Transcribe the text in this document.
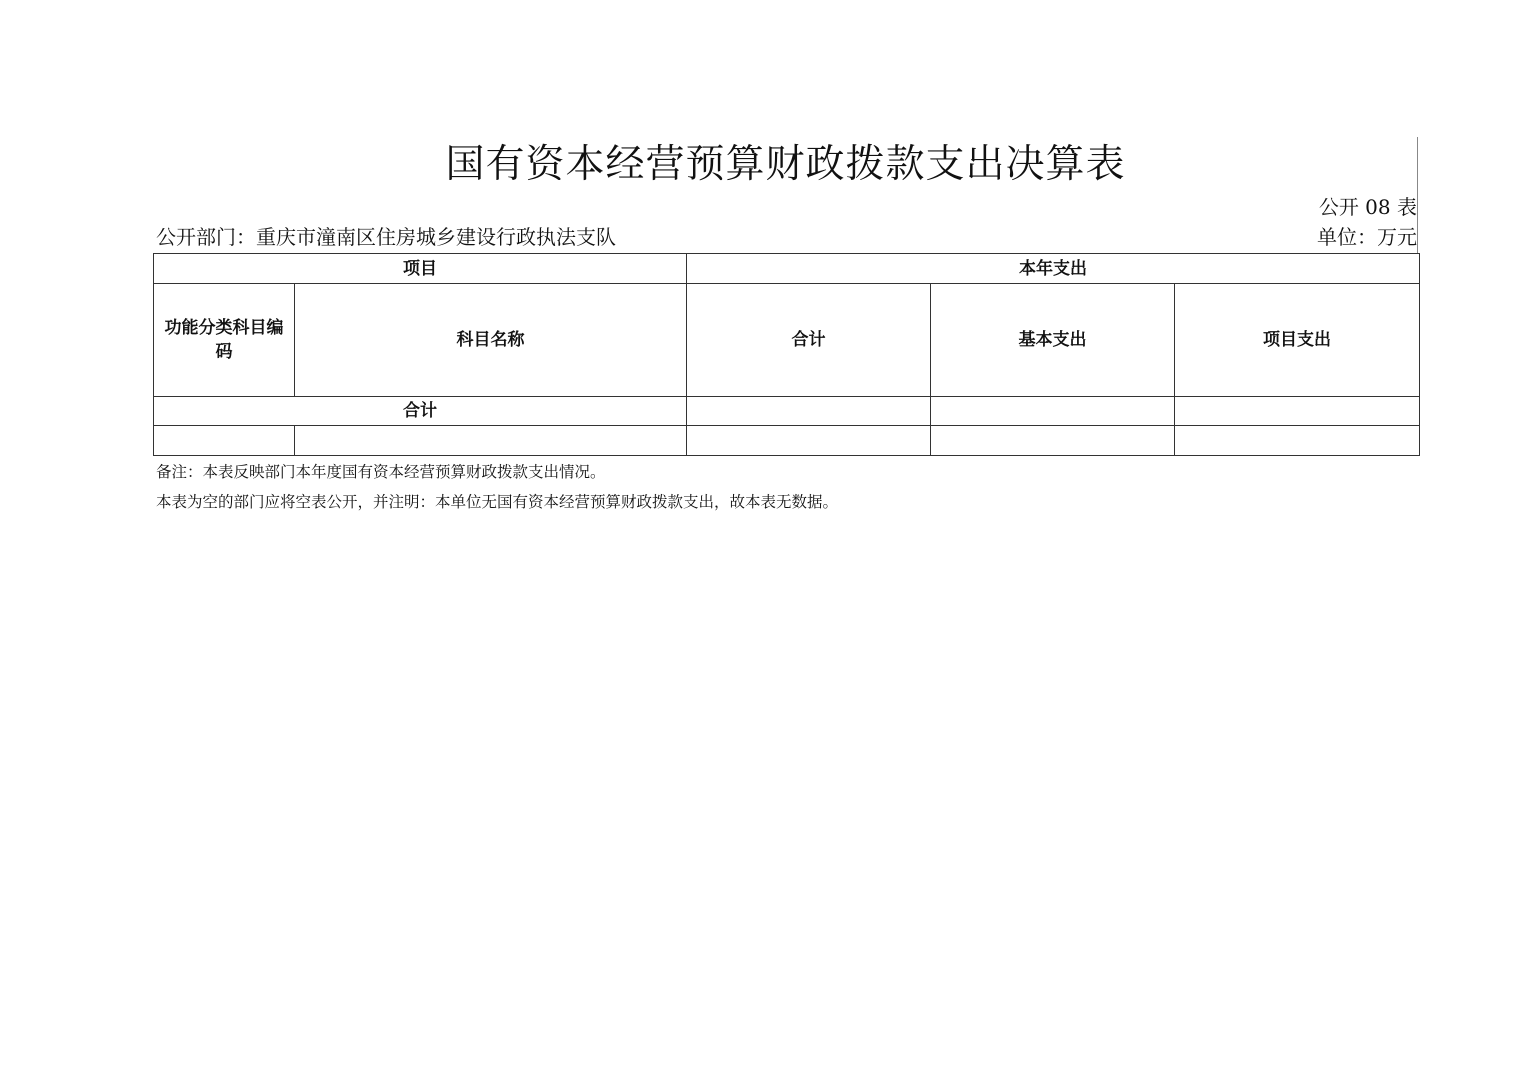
国有资本经营预算财政拨款支出决算表
公开 08 表
公开部门：重庆市潼南区住房城乡建设行政执法支队	单位：万元
项目		本年支出		
功能分类科目编码	科目名称	合计	基本支出	项目支出
合计				

备注：本表反映部门本年度国有资本经营预算财政拨款支出情况。
本表为空的部门应将空表公开，并注明：本单位无国有资本经营预算财政拨款支出，故本表无数据。
